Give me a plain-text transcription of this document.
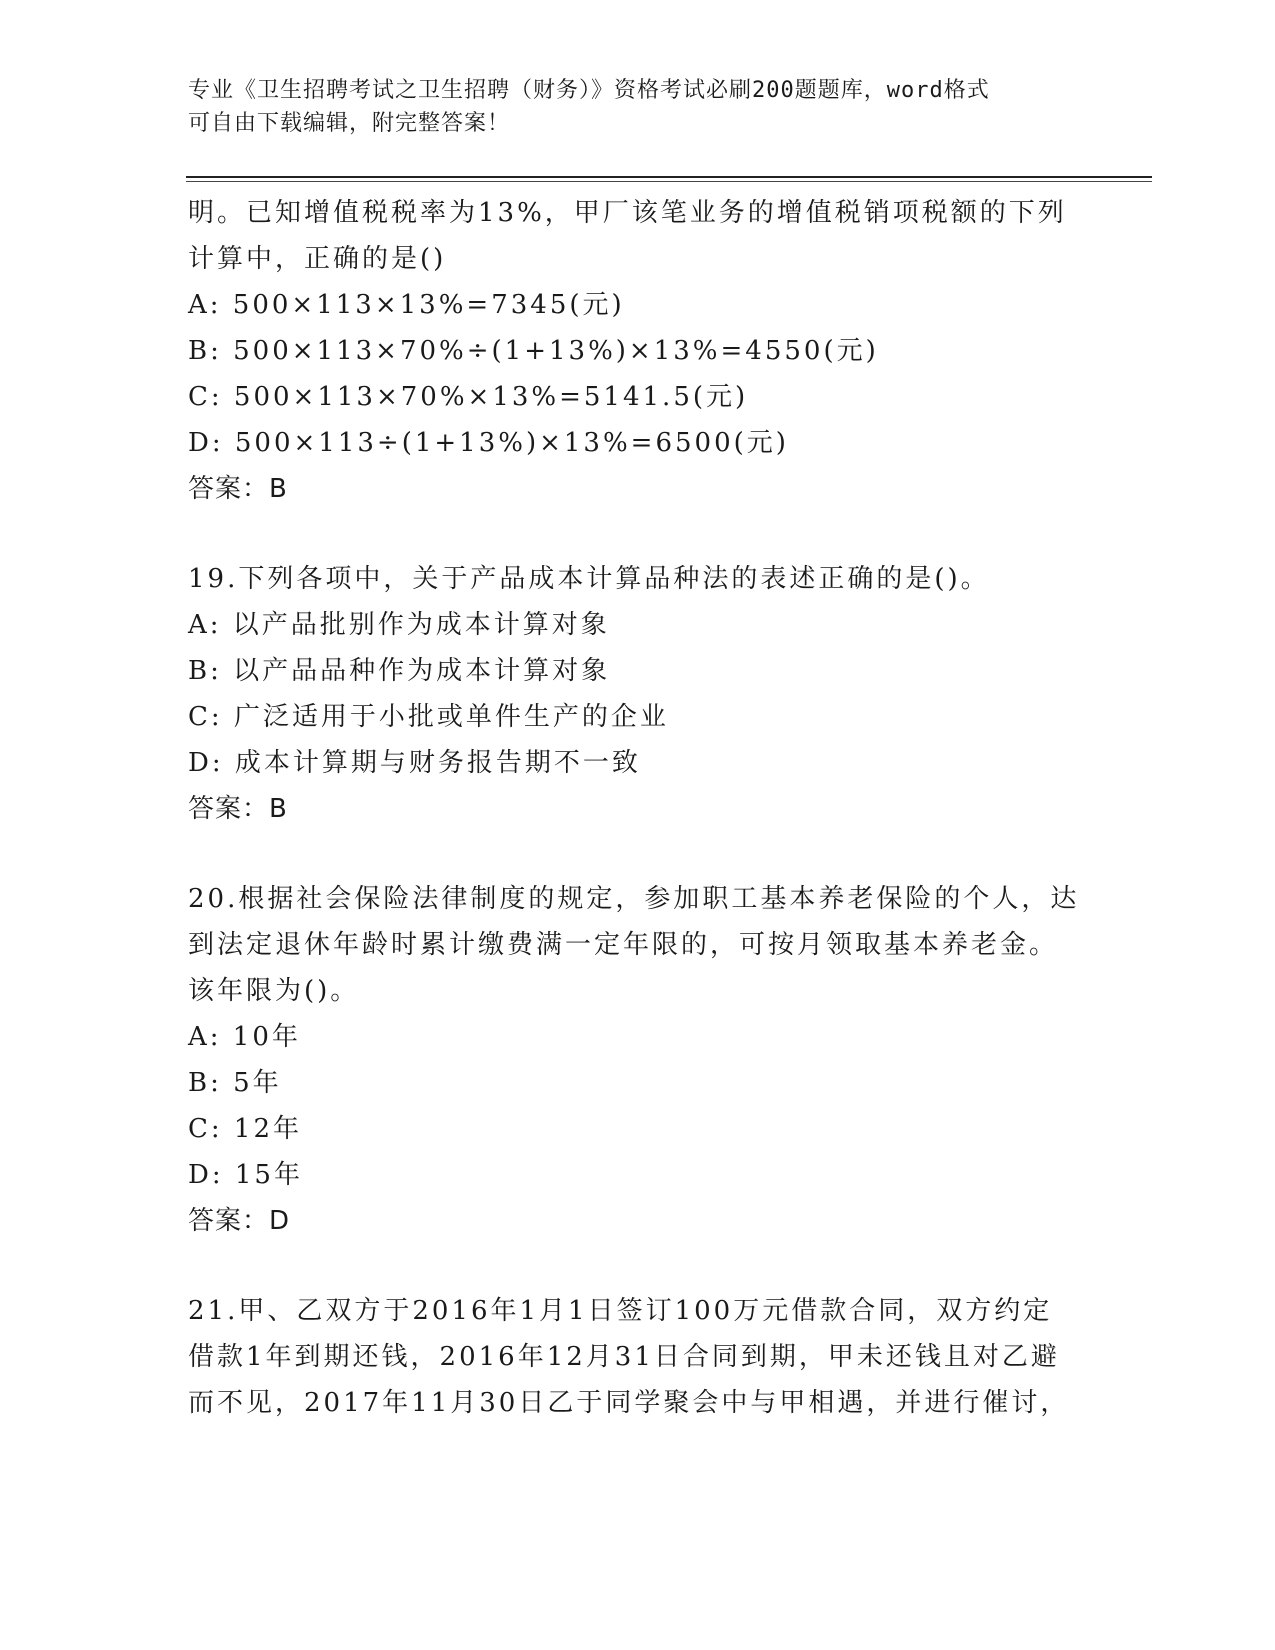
专业《卫生招聘考试之卫生招聘（财务）》资格考试必刷200题题库，word格式
可自由下载编辑，附完整答案！
明。已知增值税税率为13%，甲厂该笔业务的增值税销项税额的下列
计算中，正确的是()
A: 500×113×13%=7345(元)
B: 500×113×70%÷(1+13%)×13%=4550(元)
C: 500×113×70%×13%=5141.5(元)
D: 500×113÷(1+13%)×13%=6500(元)
答案：B
19.下列各项中，关于产品成本计算品种法的表述正确的是()。
A: 以产品批别作为成本计算对象
B: 以产品品种作为成本计算对象
C: 广泛适用于小批或单件生产的企业
D: 成本计算期与财务报告期不一致
答案：B
20.根据社会保险法律制度的规定，参加职工基本养老保险的个人，达
到法定退休年龄时累计缴费满一定年限的，可按月领取基本养老金。
该年限为()。
A: 10年
B: 5年
C: 12年
D: 15年
答案：D
21.甲、乙双方于2016年1月1日签订100万元借款合同，双方约定
借款1年到期还钱，2016年12月31日合同到期，甲未还钱且对乙避
而不见，2017年11月30日乙于同学聚会中与甲相遇，并进行催讨，
